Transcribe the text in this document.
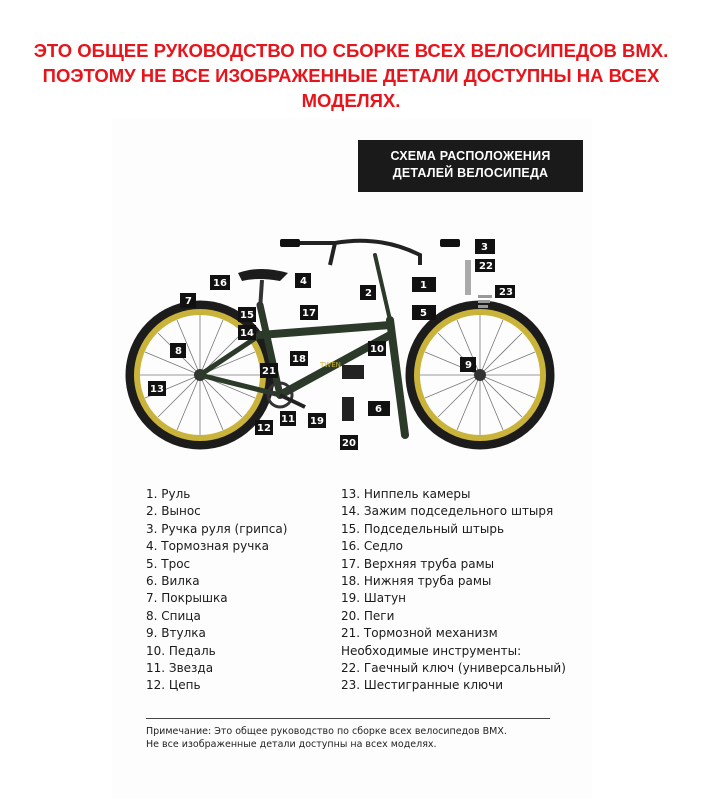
ЭТО ОБЩЕЕ РУКОВОДСТВО ПО СБОРКЕ ВСЕХ ВЕЛОСИПЕДОВ BMX.
ПОЭТОМУ НЕ ВСЕ ИЗОБРАЖЕННЫЕ ДЕТАЛИ ДОСТУПНЫ НА ВСЕХ
МОДЕЛЯХ.
СХЕМА РАСПОЛОЖЕНИЯ
ДЕТАЛЕЙ ВЕЛОСИПЕДА
TWEN
1
2
3
4
5
6
7
8
9
10
11
12
13
14
15
16
17
18
19
20
21
22
23
1. Руль
2. Вынос
3. Ручка руля (грипса)
4. Тормозная ручка
5. Трос
6. Вилка
7. Покрышка
8. Спица
9. Втулка
10. Педаль
11. Звезда
12. Цепь
13. Ниппель камеры
14. Зажим подседельного штыря
15. Подседельный штырь
16. Седло
17. Верхняя труба рамы
18. Нижняя труба рамы
19. Шатун
20. Пеги
21. Тормозной механизм
Необходимые инструменты:
22. Гаечный ключ (универсальный)
23. Шестигранные ключи
Примечание: Это общее руководство по сборке всех велосипедов BMX.
Не все изображенные детали доступны на всех моделях.
